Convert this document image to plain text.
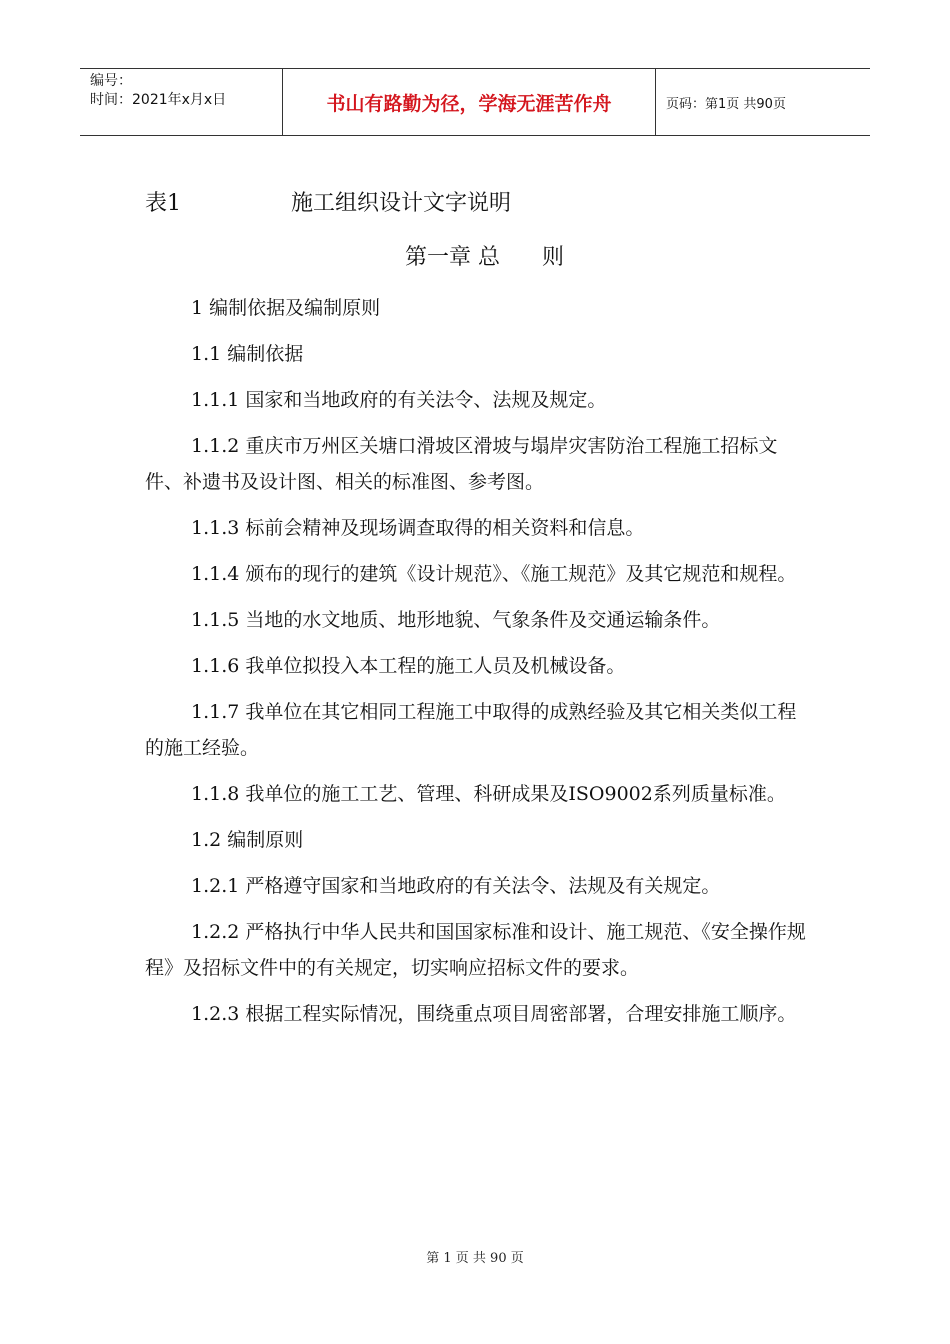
编号：
时间：2021年x月x日	书山有路勤为径，学海无涯苦作舟	页码：第1页 共90页
表1	施工组织设计文字说明
第一章 总      则

1 编制依据及编制原则

1.1 编制依据

1.1.1 国家和当地政府的有关法令、法规及规定。

1.1.2 重庆市万州区关塘口滑坡区滑坡与塌岸灾害防治工程施工招标文件、补遗书及设计图、相关的标准图、参考图。

1.1.3 标前会精神及现场调查取得的相关资料和信息。

1.1.4 颁布的现行的建筑《设计规范》、《施工规范》及其它规范和规程。

1.1.5 当地的水文地质、地形地貌、气象条件及交通运输条件。

1.1.6 我单位拟投入本工程的施工人员及机械设备。

1.1.7 我单位在其它相同工程施工中取得的成熟经验及其它相关类似工程的施工经验。

1.1.8 我单位的施工工艺、管理、科研成果及ISO9002系列质量标准。

1.2 编制原则

1.2.1 严格遵守国家和当地政府的有关法令、法规及有关规定。

1.2.2 严格执行中华人民共和国国家标准和设计、施工规范、《安全操作规程》及招标文件中的有关规定，切实响应招标文件的要求。

1.2.3 根据工程实际情况，围绕重点项目周密部署，合理安排施工顺序。

第 1 页 共 90 页
